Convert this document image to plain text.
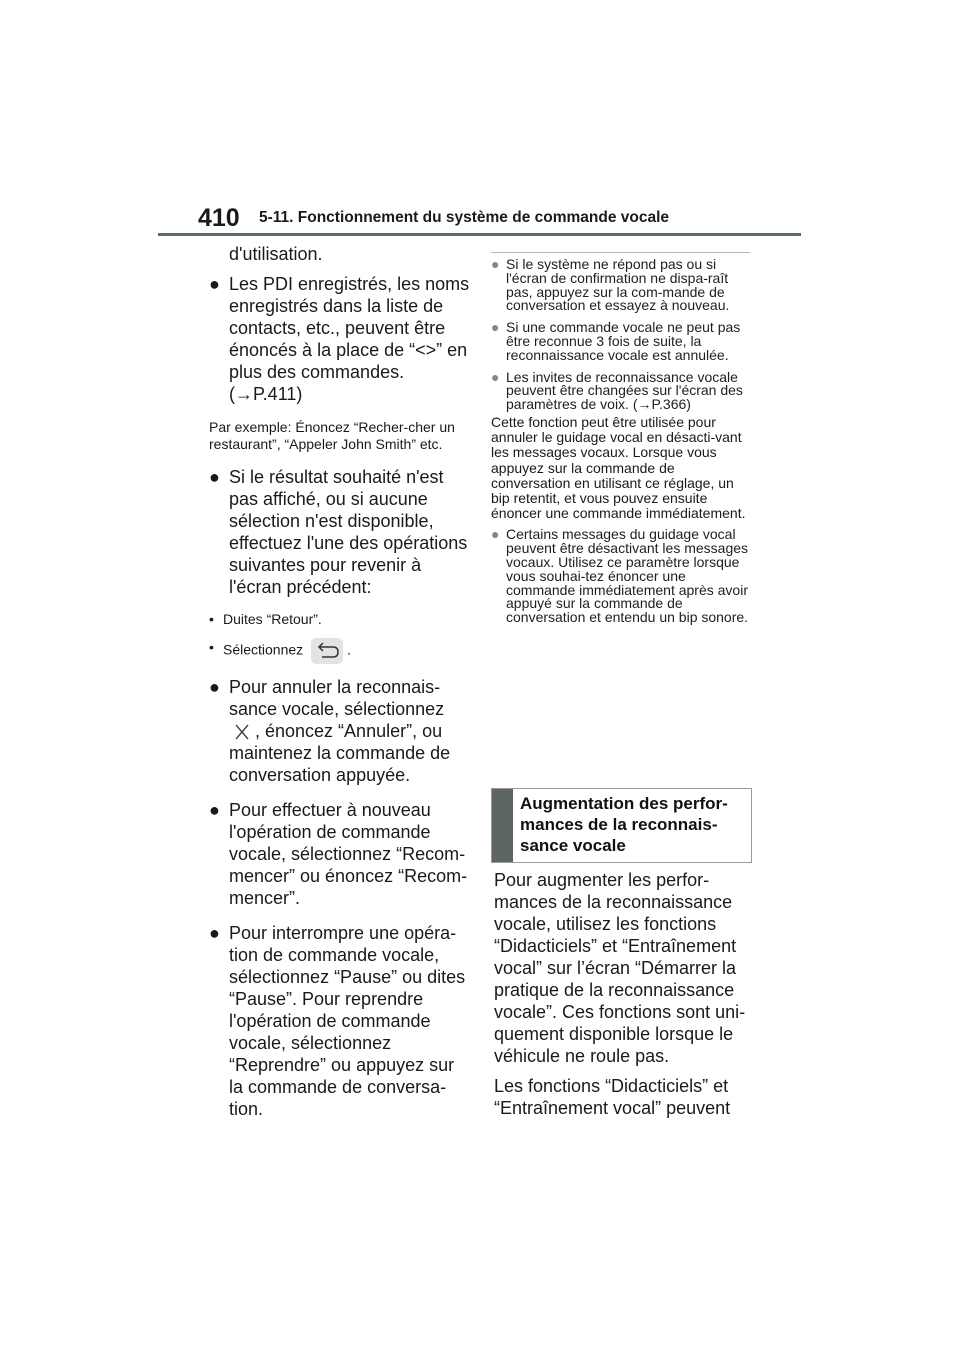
410 5-11. Fonctionnement du système de commande vocale

d'utilisation.

● Les PDI enregistrés, les noms enregistrés dans la liste de contacts, etc., peuvent être énoncés à la place de “<>” en plus des commandes. (→P.411)

Par exemple: Énoncez “Recher-cher un restaurant”, “Appeler John Smith” etc.

● Si le résultat souhaité n'est pas affiché, ou si aucune sélection n'est disponible, effectuez l'une des opérations suivantes pour revenir à l'écran précédent:
• Duites “Retour”.
• Sélectionnez	.
● Pour annuler la reconnais-sance vocale, sélectionnez
, énoncez “Annuler”, ou maintenez la commande de conversation appuyée.
● Pour effectuer à nouveau l'opération de commande vocale, sélectionnez “Recom-mencer” ou énoncez “Recom-mencer”.
● Pour interrompre une opéra-tion de commande vocale, sélectionnez “Pause” ou dites “Pause”. Pour reprendre l'opération de commande vocale, sélectionnez “Reprendre” ou appuyez sur la commande de conversa-tion.
● Si le système ne répond pas ou si l'écran de confirmation ne dispa-raît pas, appuyez sur la com-mande de conversation et essayez à nouveau.
● Si une commande vocale ne peut pas être reconnue 3 fois de suite, la reconnaissance vocale est annulée.
● Les invites de reconnaissance vocale peuvent être changées sur l'écran des paramètres de voix. (→P.366)

Cette fonction peut être utilisée pour annuler le guidage vocal en désacti-vant les messages vocaux. Lorsque vous appuyez sur la commande de conversation en utilisant ce réglage, un bip retentit, et vous pouvez ensuite énoncer une commande immédiatement.

● Certains messages du guidage vocal peuvent être désactivant les messages vocaux. Utilisez ce paramètre lorsque vous souhai-tez énoncer une commande immédiatement après avoir appuyé sur la commande de conversation et entendu un bip sonore.
Augmentation des perfor-mances de la reconnais-sance vocale

Pour augmenter les perfor-mances de la reconnaissance vocale, utilisez les fonctions “Didacticiels” et “Entraînement vocal” sur l’écran “Démarrer la pratique de la reconnaissance vocale”. Ces fonctions sont uni-quement disponible lorsque le véhicule ne roule pas.

Les fonctions “Didacticiels” et “Entraînement vocal” peuvent
